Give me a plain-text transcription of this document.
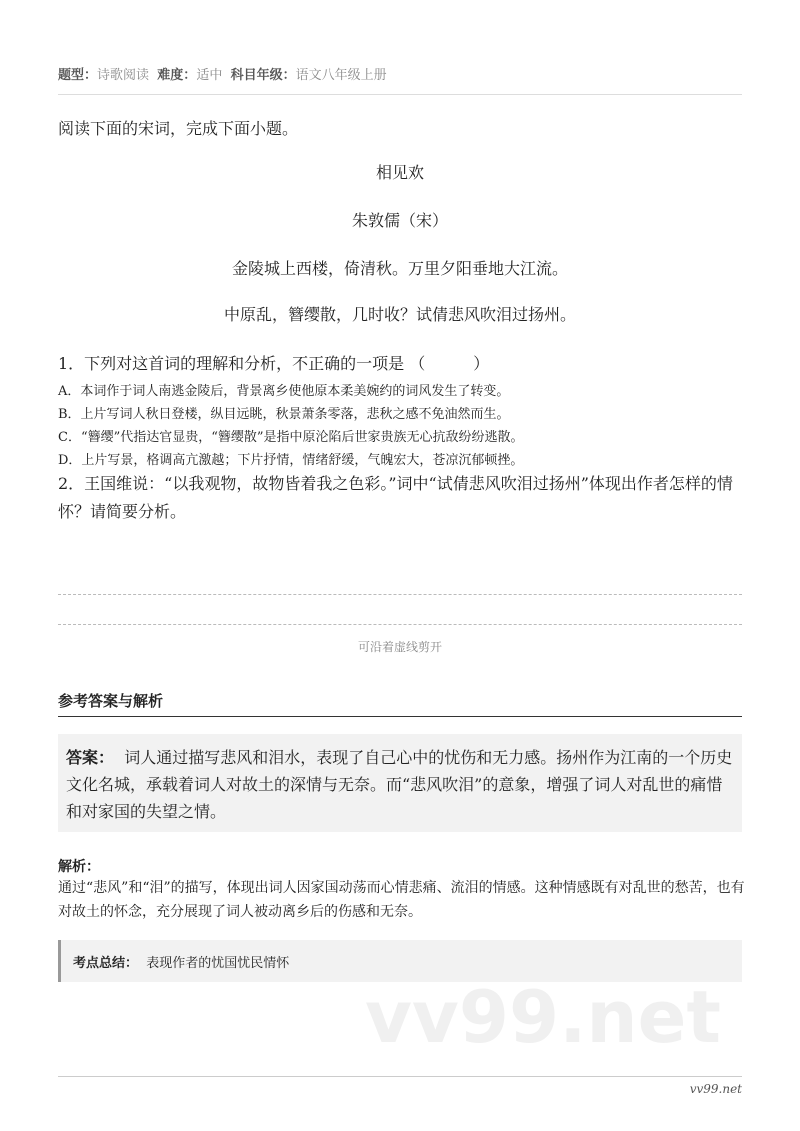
题型：诗歌阅读 难度：适中 科目年级：语文八年级上册
阅读下面的宋词，完成下面小题。
相见欢
朱敦儒（宋）
金陵城上西楼，倚清秋。万里夕阳垂地大江流。
中原乱，簪缨散，几时收？试倩悲风吹泪过扬州。
1．下列对这首词的理解和分析，不正确的一项是 （　　　）
A．本词作于词人南逃金陵后，背景离乡使他原本柔美婉约的词风发生了转变。
B．上片写词人秋日登楼，纵目远眺，秋景萧条零落，悲秋之感不免油然而生。
C．“簪缨”代指达官显贵，“簪缨散”是指中原沦陷后世家贵族无心抗敌纷纷逃散。
D．上片写景，格调高亢激越；下片抒情，情绪舒缓，气魄宏大，苍凉沉郁顿挫。
2．王国维说：“以我观物，故物皆着我之色彩。”词中“试倩悲风吹泪过扬州”体现出作者怎样的情怀？请简要分析。
可沿着虚线剪开
参考答案与解析
答案： 词人通过描写悲风和泪水，表现了自己心中的忧伤和无力感。扬州作为江南的一个历史文化名城，承载着词人对故土的深情与无奈。而“悲风吹泪”的意象，增强了词人对乱世的痛惜和对家国的失望之情。
解析：
通过“悲风”和“泪”的描写，体现出词人因家国动荡而心情悲痛、流泪的情感。这种情感既有对乱世的愁苦，也有对故土的怀念，充分展现了词人被动离乡后的伤感和无奈。
考点总结： 表现作者的忧国忧民情怀
vv99.net
vv99.net
